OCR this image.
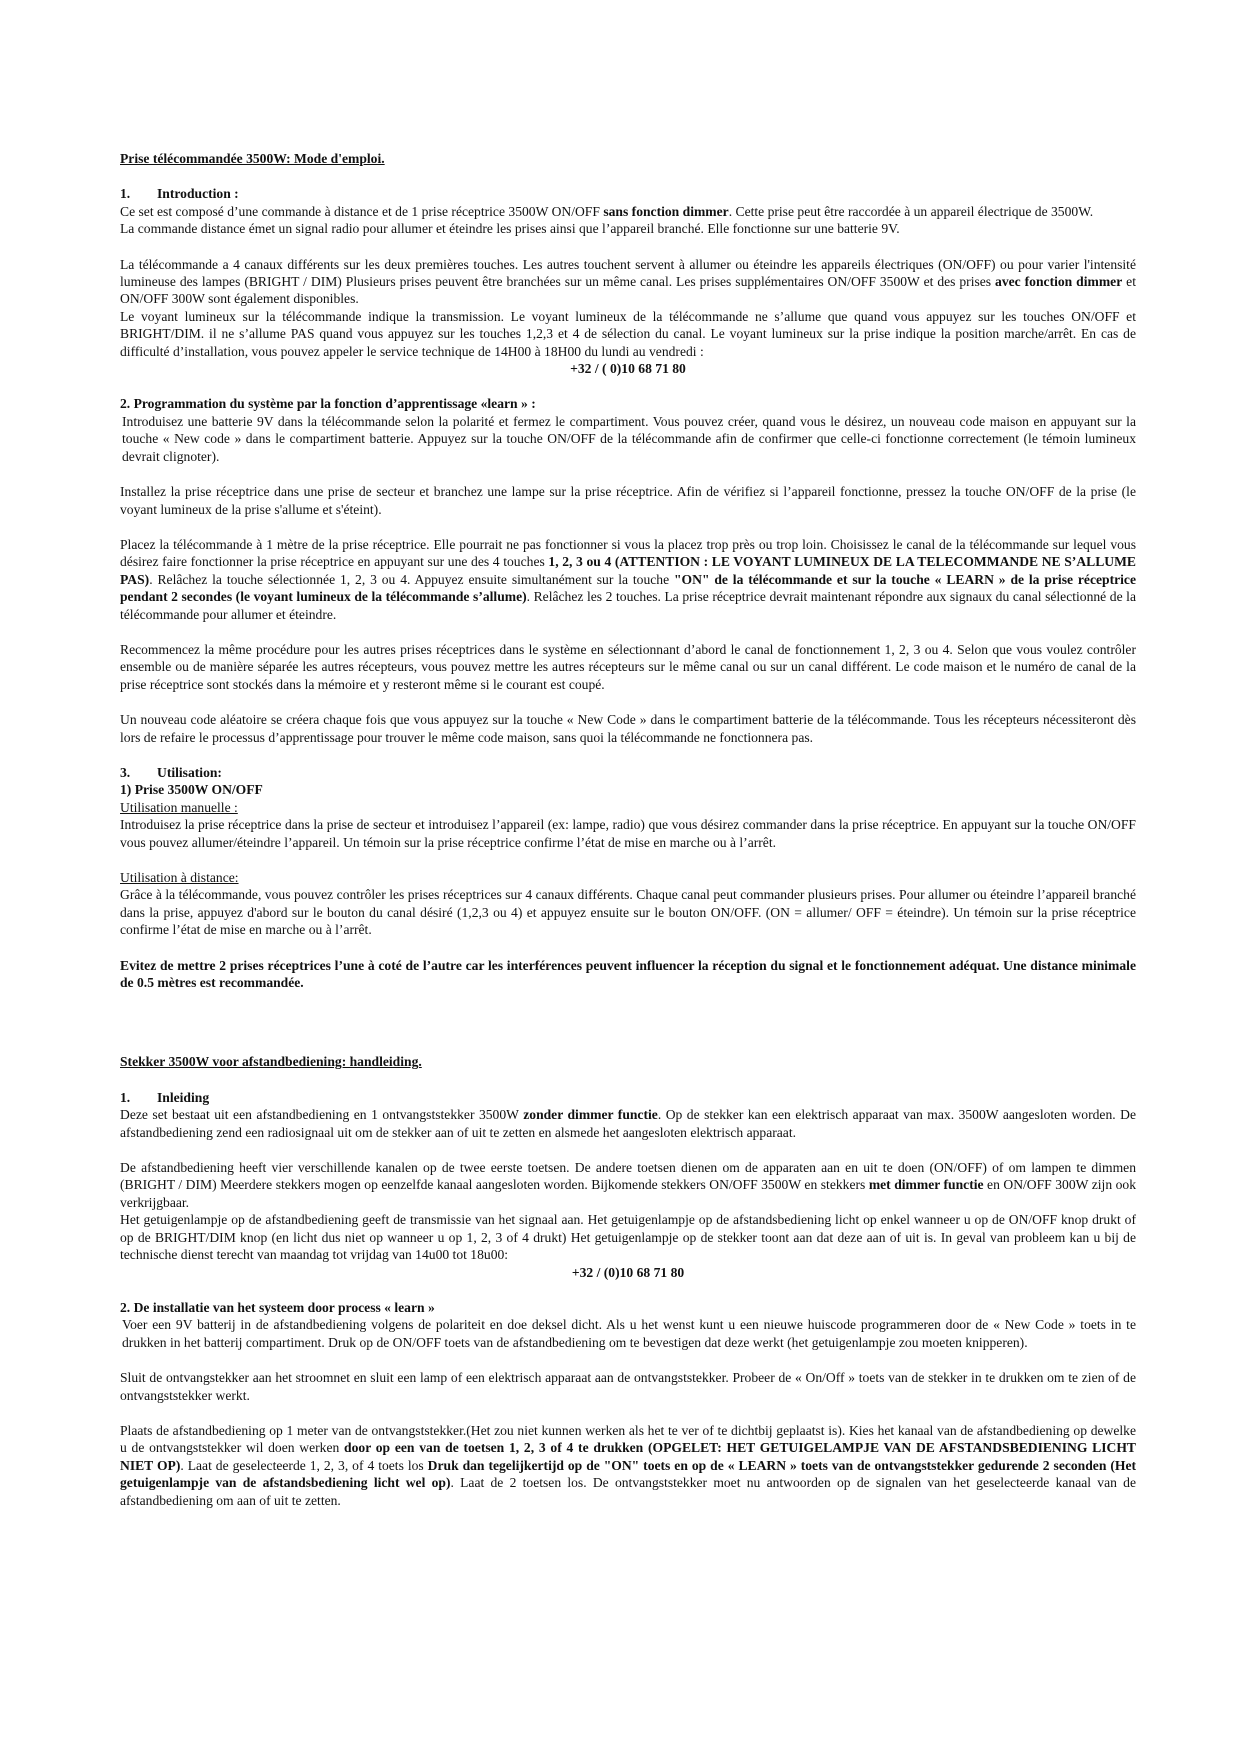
Prise télécommandée 3500W: Mode d'emploi.

1. Introduction :

Ce set est composé d’une commande à distance et de 1 prise réceptrice 3500W ON/OFF sans fonction dimmer. Cette prise peut être raccordée à un appareil électrique de 3500W.

La commande distance émet un signal radio pour allumer et éteindre les prises ainsi que l’appareil branché. Elle fonctionne sur une batterie 9V.

La télécommande a 4 canaux différents sur les deux premières touches. Les autres touchent servent à allumer ou éteindre les appareils électriques (ON/OFF) ou pour varier l'intensité lumineuse des lampes (BRIGHT / DIM) Plusieurs prises peuvent être branchées sur un même canal. Les prises supplémentaires ON/OFF 3500W et des prises avec fonction dimmer et ON/OFF 300W sont également disponibles.

Le voyant lumineux sur la télécommande indique la transmission. Le voyant lumineux de la télécommande ne s’allume que quand vous appuyez sur les touches ON/OFF et BRIGHT/DIM. il ne s’allume PAS quand vous appuyez sur les touches 1,2,3 et 4 de sélection du canal. Le voyant lumineux sur la prise indique la position marche/arrêt. En cas de difficulté d’installation, vous pouvez appeler le service technique de 14H00 à 18H00 du lundi au vendredi :

+32 / ( 0)10 68 71 80

2. Programmation du système par la fonction d’apprentissage «learn » :

Introduisez une batterie 9V dans la télécommande selon la polarité et fermez le compartiment. Vous pouvez créer, quand vous le désirez, un nouveau code maison en appuyant sur la touche « New code » dans le compartiment batterie. Appuyez sur la touche ON/OFF de la télécommande afin de confirmer que celle-ci fonctionne correctement (le témoin lumineux devrait clignoter).

Installez la prise réceptrice dans une prise de secteur et branchez une lampe sur la prise réceptrice. Afin de vérifiez si l’appareil fonctionne, pressez la touche ON/OFF de la prise (le voyant lumineux de la prise s'allume et s'éteint).

Placez la télécommande à 1 mètre de la prise réceptrice. Elle pourrait ne pas fonctionner si vous la placez trop près ou trop loin. Choisissez le canal de la télécommande sur lequel vous désirez faire fonctionner la prise réceptrice en appuyant sur une des 4 touches 1, 2, 3 ou 4 (ATTENTION : LE VOYANT LUMINEUX DE LA TELECOMMANDE NE S’ALLUME PAS). Relâchez la touche sélectionnée 1, 2, 3 ou 4. Appuyez ensuite simultanément sur la touche "ON" de la télécommande et sur la touche « LEARN » de la prise réceptrice pendant 2 secondes (le voyant lumineux de la télécommande s’allume). Relâchez les 2 touches. La prise réceptrice devrait maintenant répondre aux signaux du canal sélectionné de la télécommande pour allumer et éteindre.

Recommencez la même procédure pour les autres prises réceptrices dans le système en sélectionnant d’abord le canal de fonctionnement 1, 2, 3 ou 4. Selon que vous voulez contrôler ensemble ou de manière séparée les autres récepteurs, vous pouvez mettre les autres récepteurs sur le même canal ou sur un canal différent. Le code maison et le numéro de canal de la prise réceptrice sont stockés dans la mémoire et y resteront même si le courant est coupé.

Un nouveau code aléatoire se créera chaque fois que vous appuyez sur la touche « New Code » dans le compartiment batterie de la télécommande. Tous les récepteurs nécessiteront dès lors de refaire le processus d’apprentissage pour trouver le même code maison, sans quoi la télécommande ne fonctionnera pas.

3. Utilisation:

1) Prise 3500W ON/OFF

Utilisation manuelle :

Introduisez la prise réceptrice dans la prise de secteur et introduisez l’appareil (ex: lampe, radio) que vous désirez commander dans la prise réceptrice. En appuyant sur la touche ON/OFF vous pouvez allumer/éteindre l’appareil. Un témoin sur la prise réceptrice confirme l’état de mise en marche ou à l’arrêt.

Utilisation à distance:

Grâce à la télécommande, vous pouvez contrôler les prises réceptrices sur 4 canaux différents. Chaque canal peut commander plusieurs prises. Pour allumer ou éteindre l’appareil branché dans la prise, appuyez d'abord sur le bouton du canal désiré (1,2,3 ou 4) et appuyez ensuite sur le bouton ON/OFF. (ON = allumer/ OFF = éteindre). Un témoin sur la prise réceptrice confirme l’état de mise en marche ou à l’arrêt.

Evitez de mettre 2 prises réceptrices l’une à coté de l’autre car les interférences peuvent influencer la réception du signal et le fonctionnement adéquat. Une distance minimale de 0.5 mètres est recommandée.

Stekker 3500W voor afstandbediening: handleiding.

1. Inleiding

Deze set bestaat uit een afstandbediening en 1 ontvangststekker 3500W zonder dimmer functie. Op de stekker kan een elektrisch apparaat van max. 3500W aangesloten worden. De afstandbediening zend een radiosignaal uit om de stekker aan of uit te zetten en alsmede het aangesloten elektrisch apparaat.

De afstandbediening heeft vier verschillende kanalen op de twee eerste toetsen. De andere toetsen dienen om de apparaten aan en uit te doen (ON/OFF) of om lampen te dimmen (BRIGHT / DIM) Meerdere stekkers mogen op eenzelfde kanaal aangesloten worden. Bijkomende stekkers ON/OFF 3500W en stekkers met dimmer functie en ON/OFF 300W zijn ook verkrijgbaar.

Het getuigenlampje op de afstandbediening geeft de transmissie van het signaal aan. Het getuigenlampje op de afstandsbediening licht op enkel wanneer u op de ON/OFF knop drukt of op de BRIGHT/DIM knop (en licht dus niet op wanneer u op 1, 2, 3 of 4 drukt) Het getuigenlampje op de stekker toont aan dat deze aan of uit is. In geval van probleem kan u bij de technische dienst terecht van maandag tot vrijdag van 14u00 tot 18u00:

+32 / (0)10 68 71 80

2. De installatie van het systeem door process « learn »

Voer een 9V batterij in de afstandbediening volgens de polariteit en doe deksel dicht. Als u het wenst kunt u een nieuwe huiscode programmeren door de « New Code » toets in te drukken in het batterij compartiment. Druk op de ON/OFF toets van de afstandbediening om te bevestigen dat deze werkt (het getuigenlampje zou moeten knipperen).

Sluit de ontvangstekker aan het stroomnet en sluit een lamp of een elektrisch apparaat aan de ontvangststekker. Probeer de « On/Off » toets van de stekker in te drukken om te zien of de ontvangststekker werkt.

Plaats de afstandbediening op 1 meter van de ontvangststekker.(Het zou niet kunnen werken als het te ver of te dichtbij geplaatst is). Kies het kanaal van de afstandbediening op dewelke u de ontvangststekker wil doen werken door op een van de toetsen 1, 2, 3 of 4 te drukken (OPGELET: HET GETUIGELAMPJE VAN DE AFSTANDSBEDIENING LICHT NIET OP). Laat de geselecteerde 1, 2, 3, of 4 toets los Druk dan tegelijkertijd op de "ON" toets en op de « LEARN » toets van de ontvangststekker gedurende 2 seconden (Het getuigenlampje van de afstandsbediening licht wel op). Laat de 2 toetsen los. De ontvangststekker moet nu antwoorden op de signalen van het geselecteerde kanaal van de afstandbediening om aan of uit te zetten.
